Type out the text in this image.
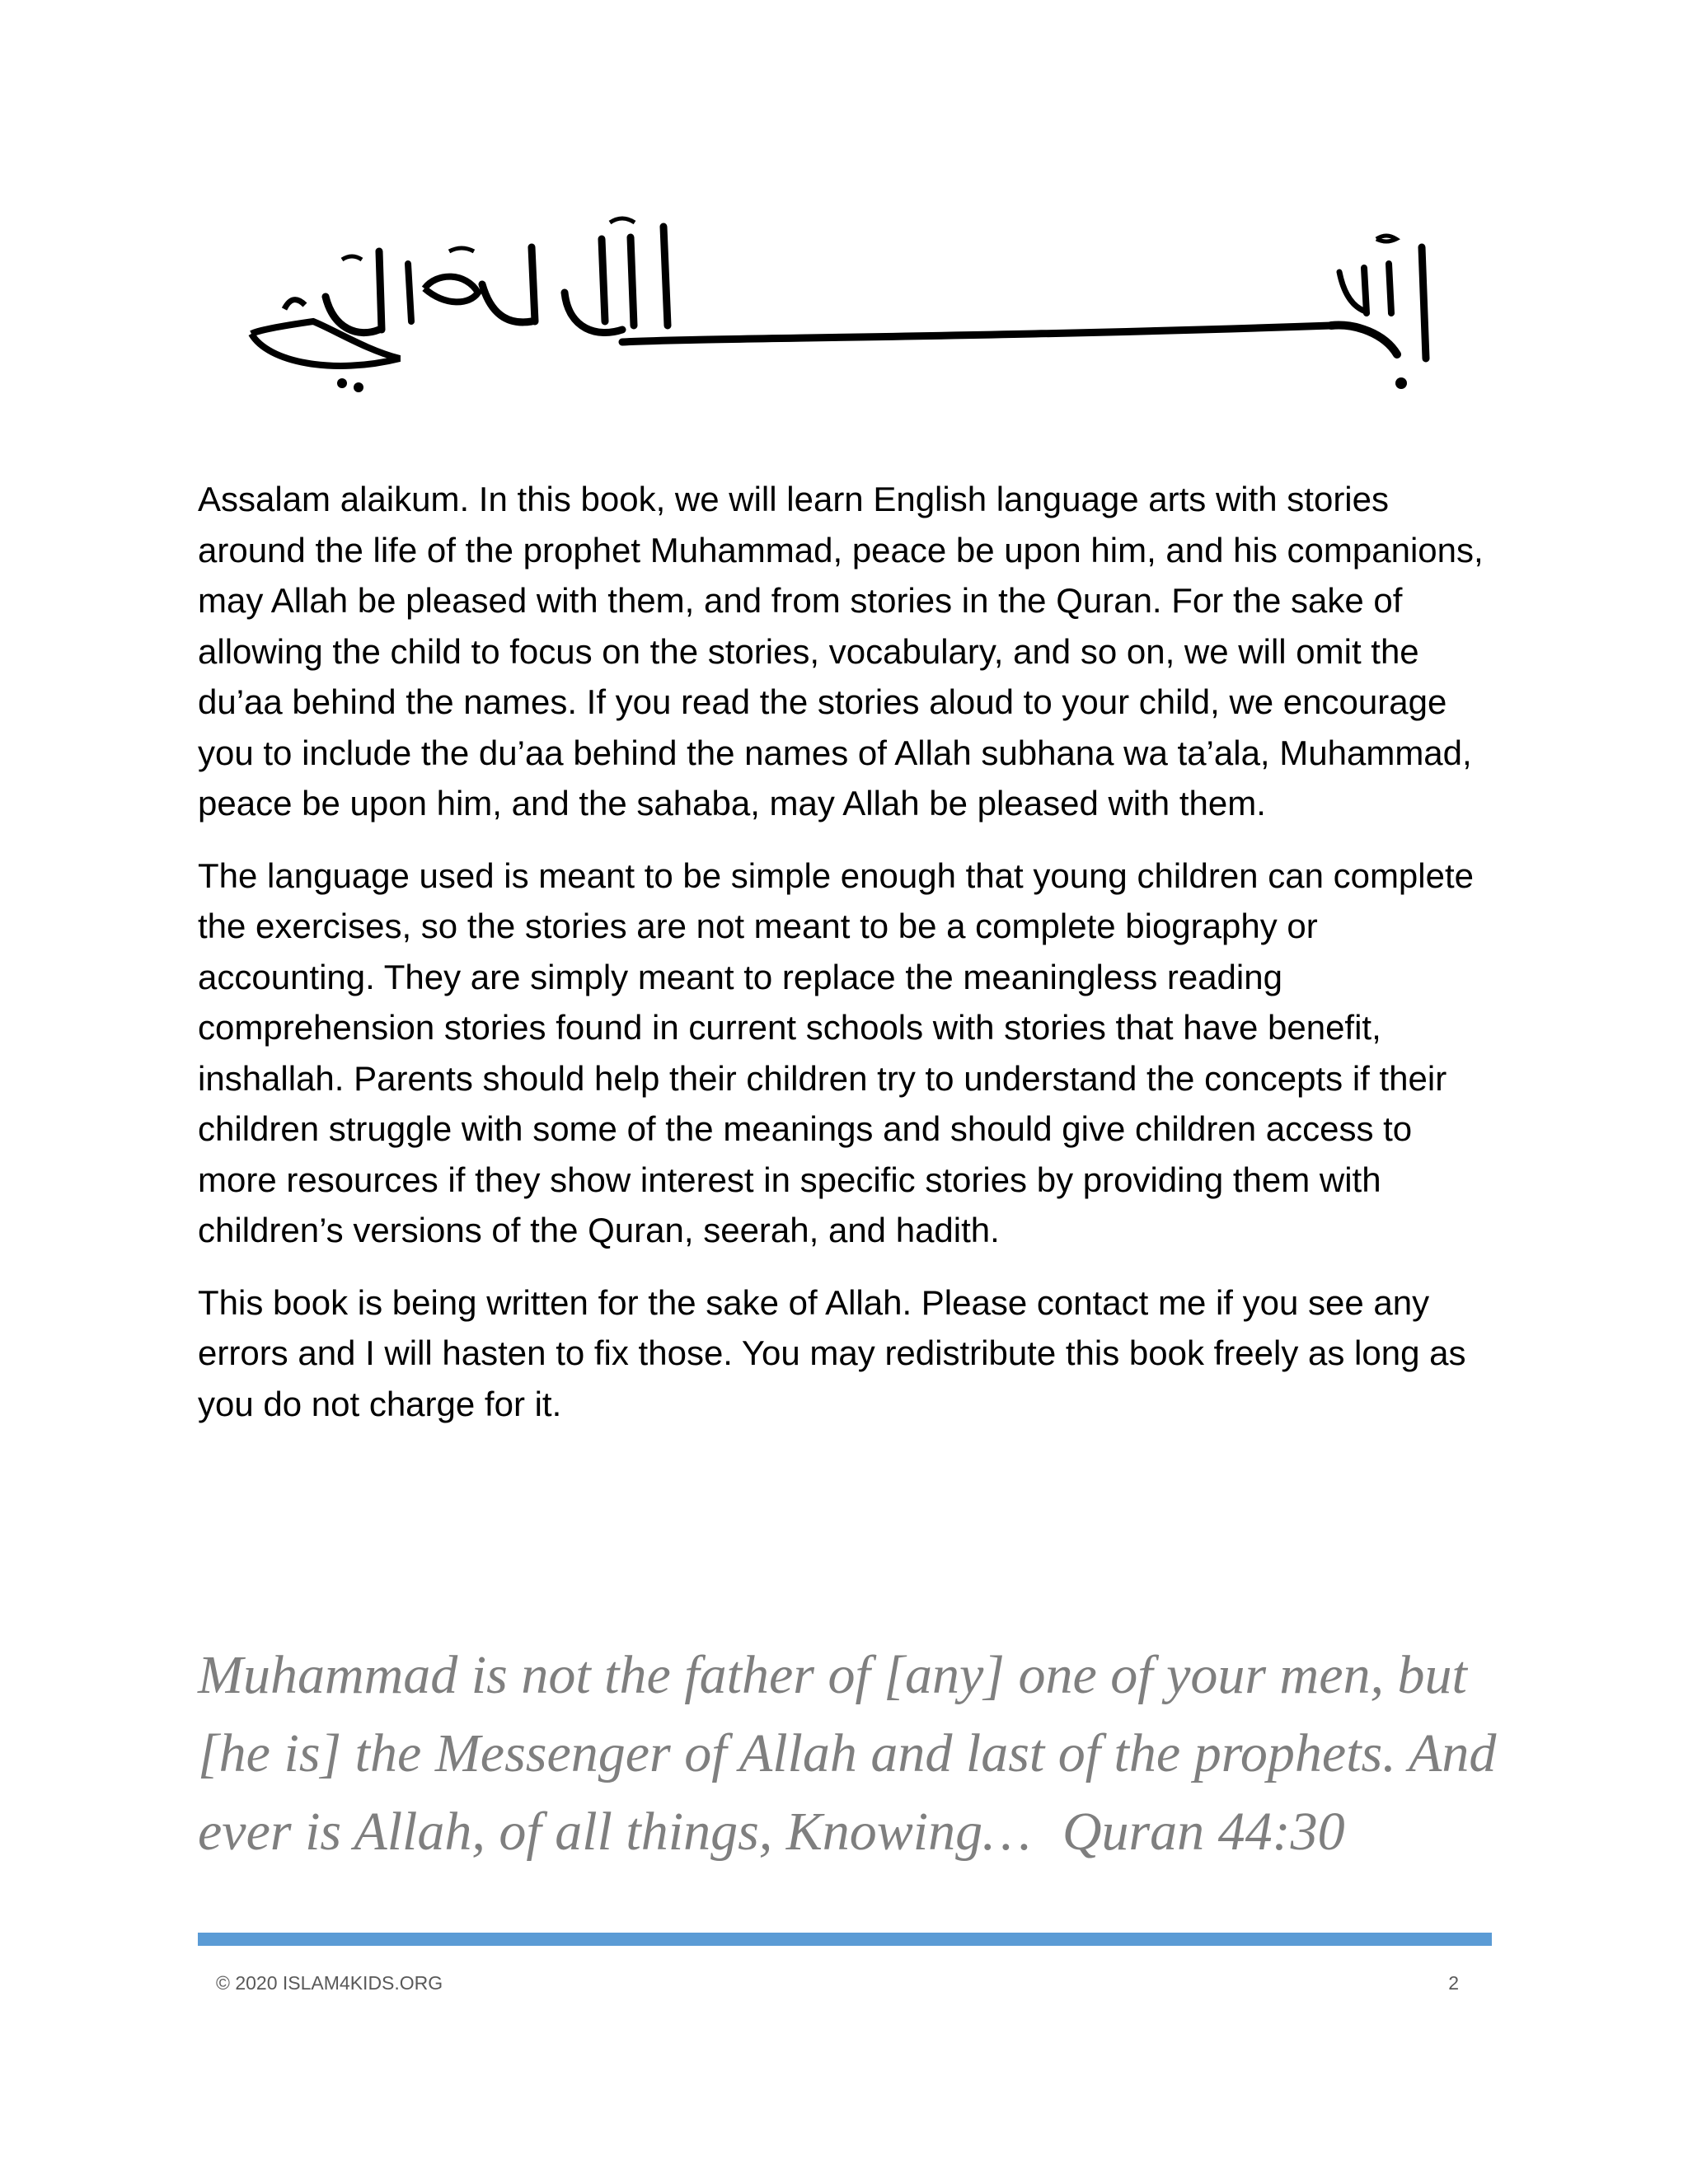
Assalam alaikum. In this book, we will learn English language arts with stories around the life of the prophet Muhammad, peace be upon him, and his companions, may Allah be pleased with them, and from stories in the Quran. For the sake of allowing the child to focus on the stories, vocabulary, and so on, we will omit the du’aa behind the names. If you read the stories aloud to your child, we encourage you to include the du’aa behind the names of Allah subhana wa ta’ala, Muhammad, peace be upon him, and the sahaba, may Allah be pleased with them.

The language used is meant to be simple enough that young children can complete the exercises, so the stories are not meant to be a complete biography or accounting. They are simply meant to replace the meaningless reading comprehension stories found in current schools with stories that have benefit, inshallah. Parents should help their children try to understand the concepts if their children struggle with some of the meanings and should give children access to more resources if they show interest in specific stories by providing them with children’s versions of the Quran, seerah, and hadith.

This book is being written for the sake of Allah. Please contact me if you see any errors and I will hasten to fix those. You may redistribute this book freely as long as you do not charge for it.

Muhammad is not the father of [any] one of your men, but [he is] the Messenger of Allah and last of the prophets. And ever is Allah, of all things, Knowing… Quran 44:30
© 2020 ISLAM4KIDS.ORG	2
